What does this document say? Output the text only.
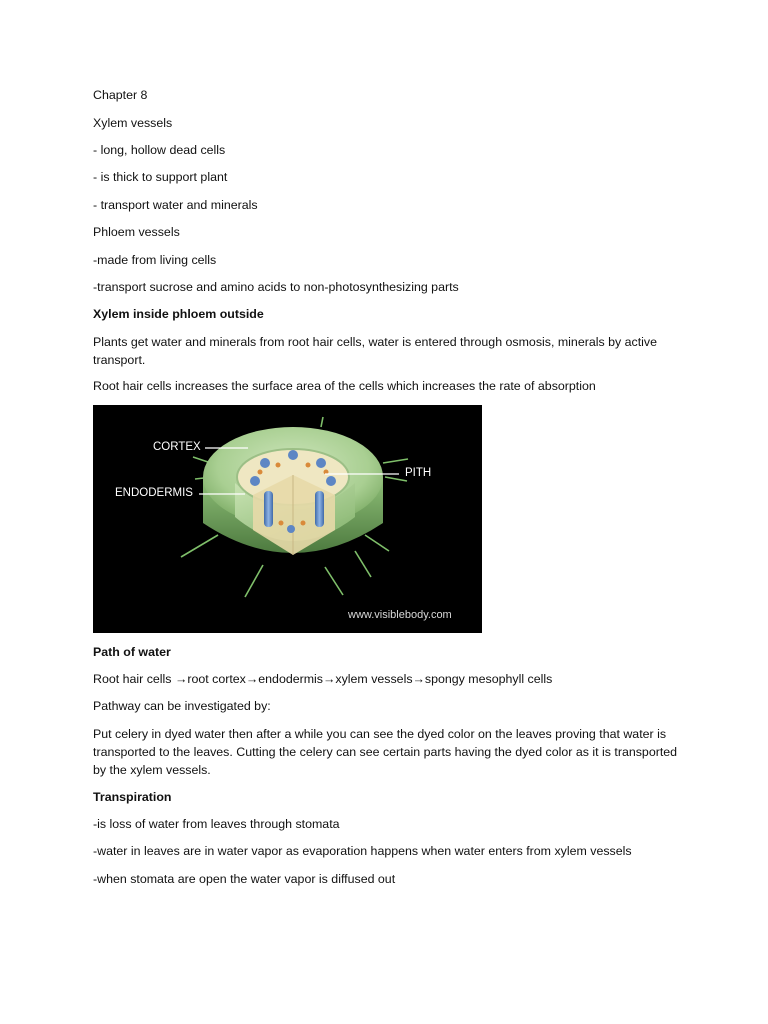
Chapter 8
Xylem vessels
- long, hollow dead cells
- is thick to support plant
- transport water and minerals
Phloem vessels
-made from living cells
-transport sucrose and amino acids to non-photosynthesizing parts
Xylem inside phloem outside
Plants get water and minerals from root hair cells, water is entered through osmosis, minerals by active transport.
Root hair cells increases the surface area of the cells which increases the rate of absorption
CORTEX
ENDODERMIS
PITH
www.visiblebody.com
Path of water
Root hair cells →root cortex→endodermis→xylem vessels→spongy mesophyll cells
Pathway can be investigated by:
Put celery in dyed water then after a while you can see the dyed color on the leaves proving that water is transported to the leaves. Cutting the celery can see certain parts having the dyed color as it is transported by the xylem vessels.
Transpiration
-is loss of water from leaves through stomata
-water in leaves are in water vapor as evaporation happens when water enters from xylem vessels
-when stomata are open the water vapor is diffused out
